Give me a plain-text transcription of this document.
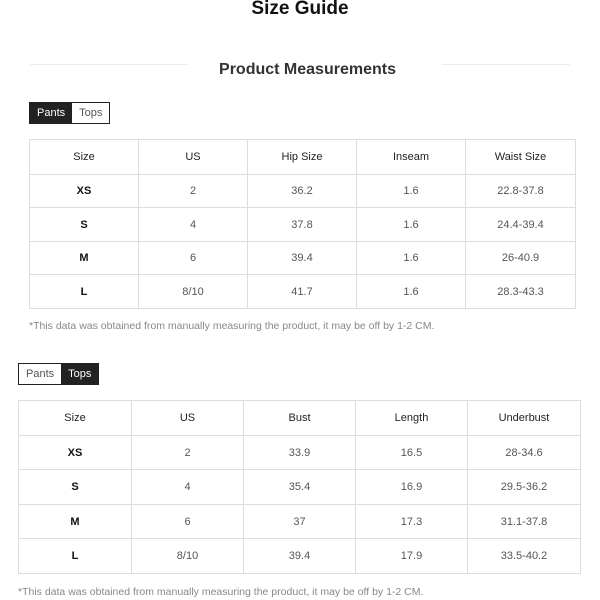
Size Guide
Product Measurements
Pants	Tops
Size	US	Hip Size	Inseam	Waist Size
XS	2	36.2	1.6	22.8-37.8
S	4	37.8	1.6	24.4-39.4
M	6	39.4	1.6	26-40.9
L	8/10	41.7	1.6	28.3-43.3
*This data was obtained from manually measuring the product, it may be off by 1-2 CM.
Pants	Tops
Size	US	Bust	Length	Underbust
XS	2	33.9	16.5	28-34.6
S	4	35.4	16.9	29.5-36.2
M	6	37	17.3	31.1-37.8
L	8/10	39.4	17.9	33.5-40.2
*This data was obtained from manually measuring the product, it may be off by 1-2 CM.
